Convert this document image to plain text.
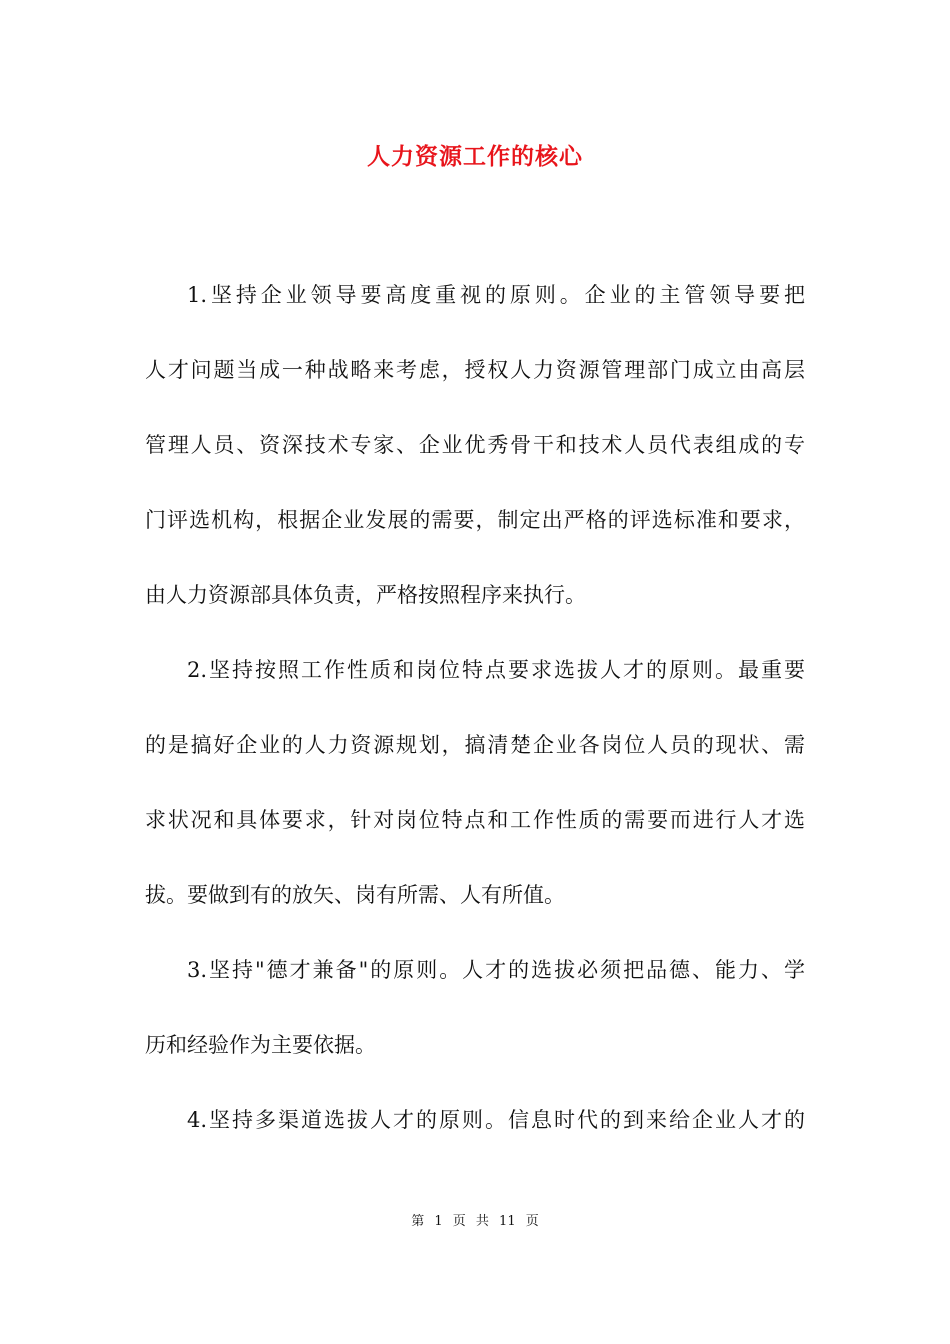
人力资源工作的核心
1.坚持企业领导要高度重视的原则。企业的主管领导要把
人才问题当成一种战略来考虑，授权人力资源管理部门成立由高层
管理人员、资深技术专家、企业优秀骨干和技术人员代表组成的专
门评选机构，根据企业发展的需要，制定出严格的评选标准和要求，
由人力资源部具体负责，严格按照程序来执行。
2.坚持按照工作性质和岗位特点要求选拔人才的原则。最重要
的是搞好企业的人力资源规划，搞清楚企业各岗位人员的现状、需
求状况和具体要求，针对岗位特点和工作性质的需要而进行人才选
拔。要做到有的放矢、岗有所需、人有所值。
3.坚持"德才兼备"的原则。人才的选拔必须把品德、能力、学
历和经验作为主要依据。
4.坚持多渠道选拔人才的原则。信息时代的到来给企业人才的
第 1 页 共 11 页
